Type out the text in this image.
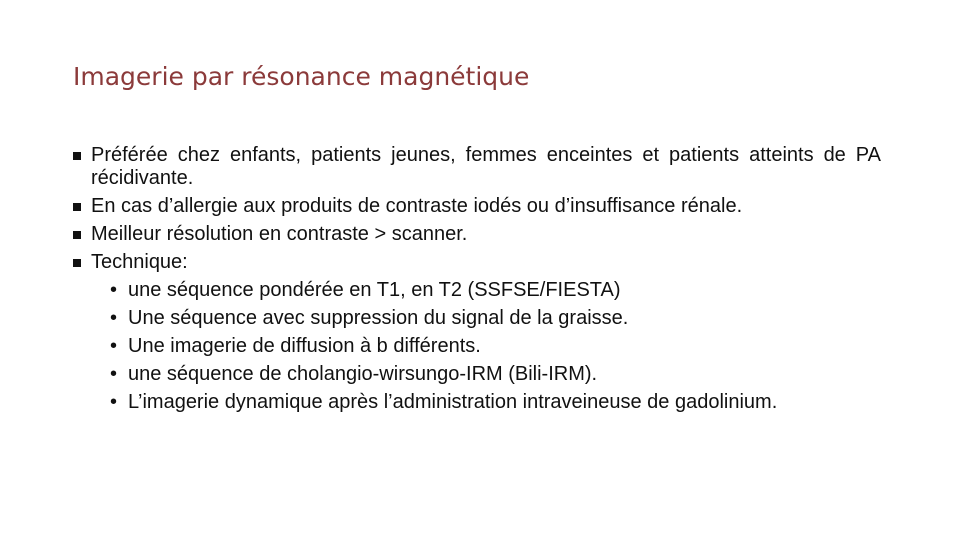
Imagerie par résonance magnétique
Préférée chez enfants, patients jeunes, femmes enceintes et patients atteints de PA récidivante.
En cas d’allergie aux produits de contraste iodés ou d’insuffisance rénale.
Meilleur résolution en contraste > scanner.
Technique:
• une séquence pondérée en T1, en T2 (SSFSE/FIESTA)
• Une séquence avec suppression du signal de la graisse.
• Une imagerie de diffusion à b différents.
• une séquence de cholangio-wirsungo-IRM (Bili-IRM).
• L’imagerie dynamique après l’administration intraveineuse de gadolinium.
